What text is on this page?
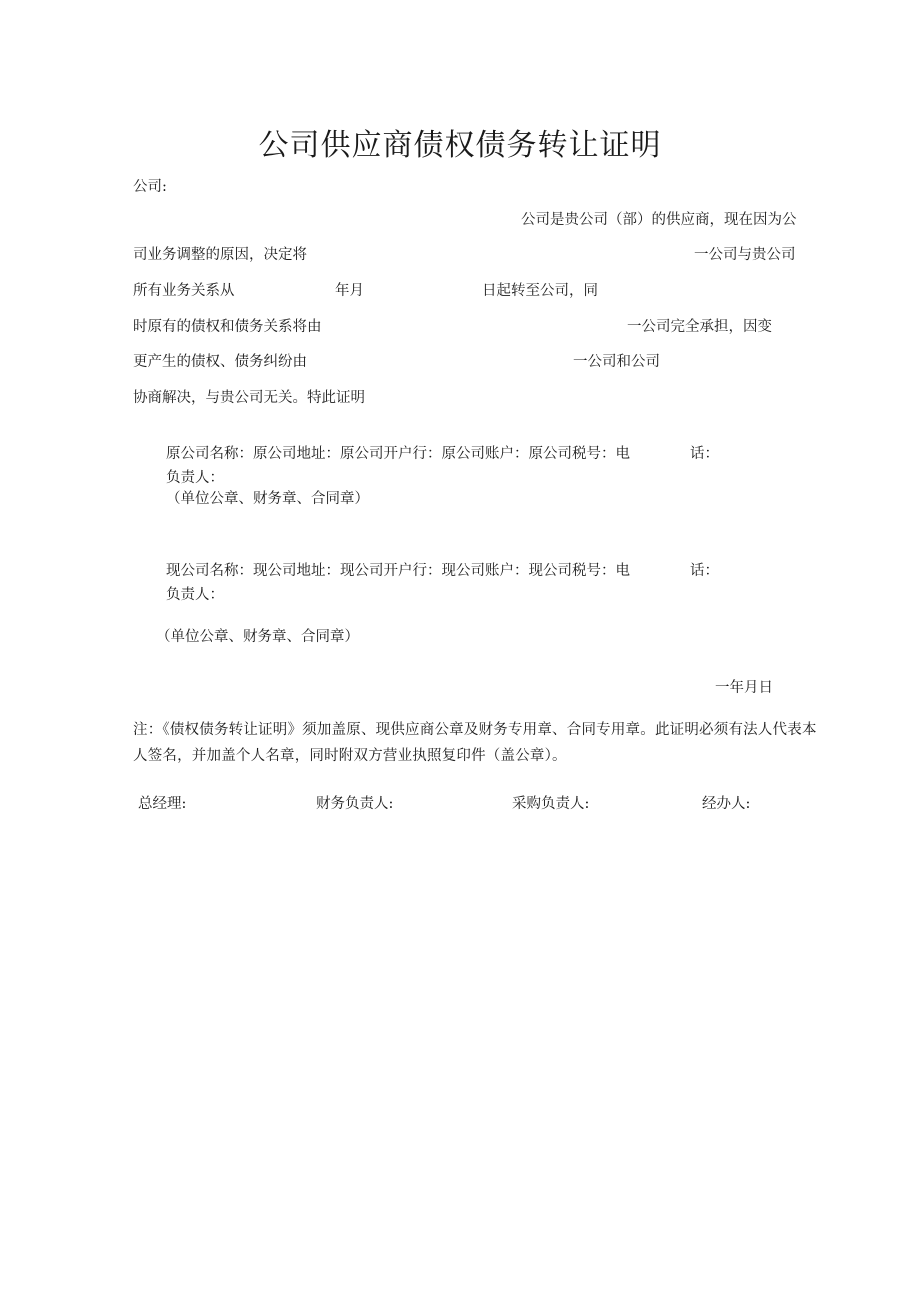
公司供应商债权债务转让证明
公司:
公司是贵公司（部）的供应商，现在因为公
司业务调整的原因，决定将	一公司与贵公司
所有业务关系从	年月	日起转至公司，同
时原有的债权和债务关系将由	一公司完全承担，因变
更产生的债权、债务纠纷由	一公司和公司
协商解决，与贵公司无关。特此证明
原公司名称：原公司地址：原公司开户行：原公司账户：原公司税号：电	话：
负责人：
（单位公章、财务章、合同章）
现公司名称：现公司地址：现公司开户行：现公司账户：现公司税号：电	话：
负责人：
（单位公章、财务章、合同章）
一年月日
注：《债权债务转让证明》须加盖原、现供应商公章及财务专用章、合同专用章。此证明必须有法人代表本人签名，并加盖个人名章，同时附双方营业执照复印件（盖公章）。
总经理:	财务负责人:	采购负责人:	经办人:
